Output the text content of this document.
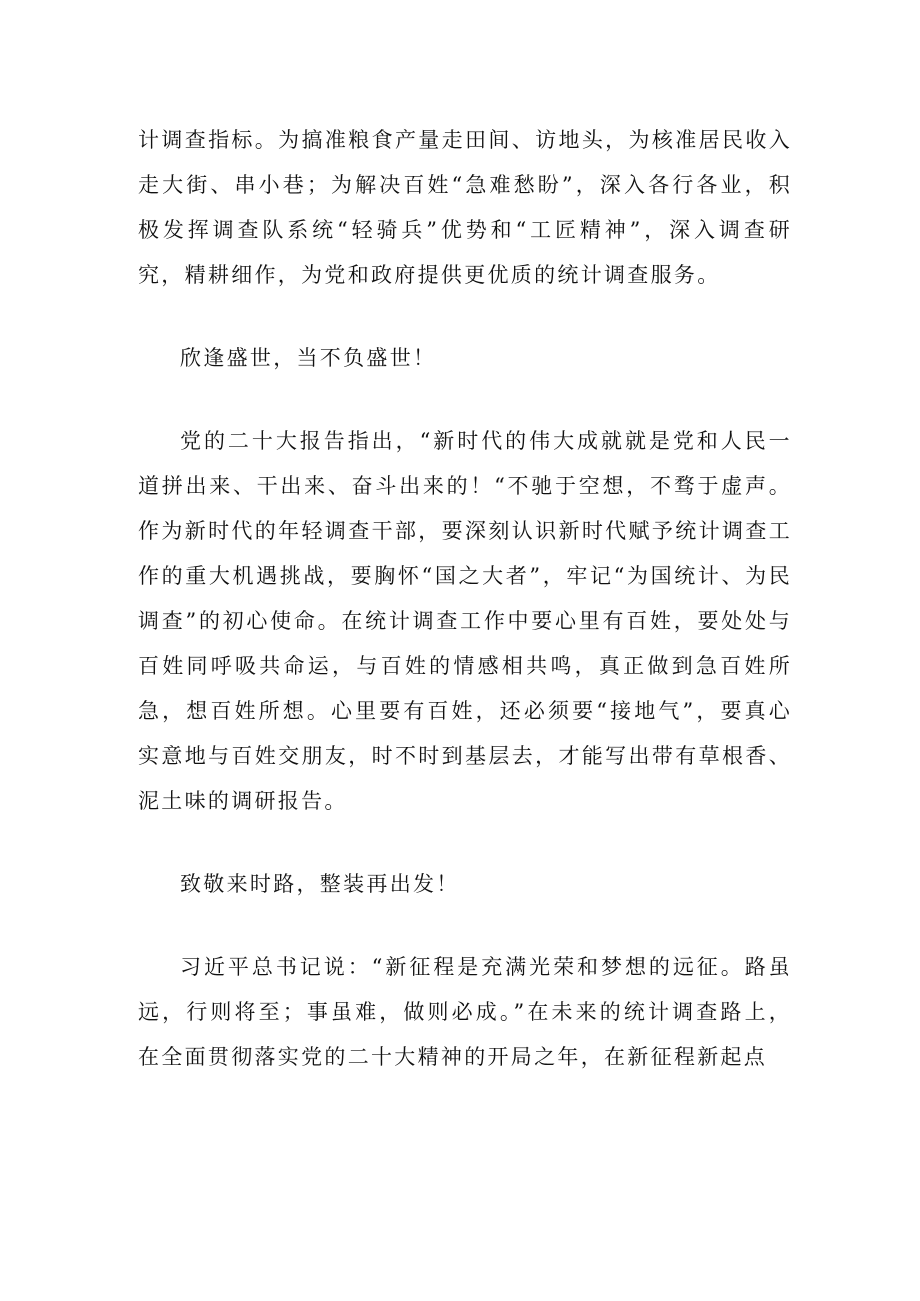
计调查指标。为搞准粮食产量走田间、访地头，为核准居民收入走大街、串小巷；为解决百姓“急难愁盼”，深入各行各业，积极发挥调查队系统“轻骑兵”优势和“工匠精神”，深入调查研究，精耕细作，为党和政府提供更优质的统计调查服务。

欣逢盛世，当不负盛世！

党的二十大报告指出，“新时代的伟大成就就是党和人民一道拼出来、干出来、奋斗出来的！“不驰于空想，不骛于虚声。作为新时代的年轻调查干部，要深刻认识新时代赋予统计调查工作的重大机遇挑战，要胸怀“国之大者”，牢记“为国统计、为民调查”的初心使命。在统计调查工作中要心里有百姓，要处处与百姓同呼吸共命运，与百姓的情感相共鸣，真正做到急百姓所急，想百姓所想。心里要有百姓，还必须要“接地气”，要真心实意地与百姓交朋友，时不时到基层去，才能写出带有草根香、泥土味的调研报告。

致敬来时路，整装再出发！

习近平总书记说：“新征程是充满光荣和梦想的远征。路虽远，行则将至；事虽难，做则必成。”在未来的统计调查路上，在全面贯彻落实党的二十大精神的开局之年，在新征程新起点
